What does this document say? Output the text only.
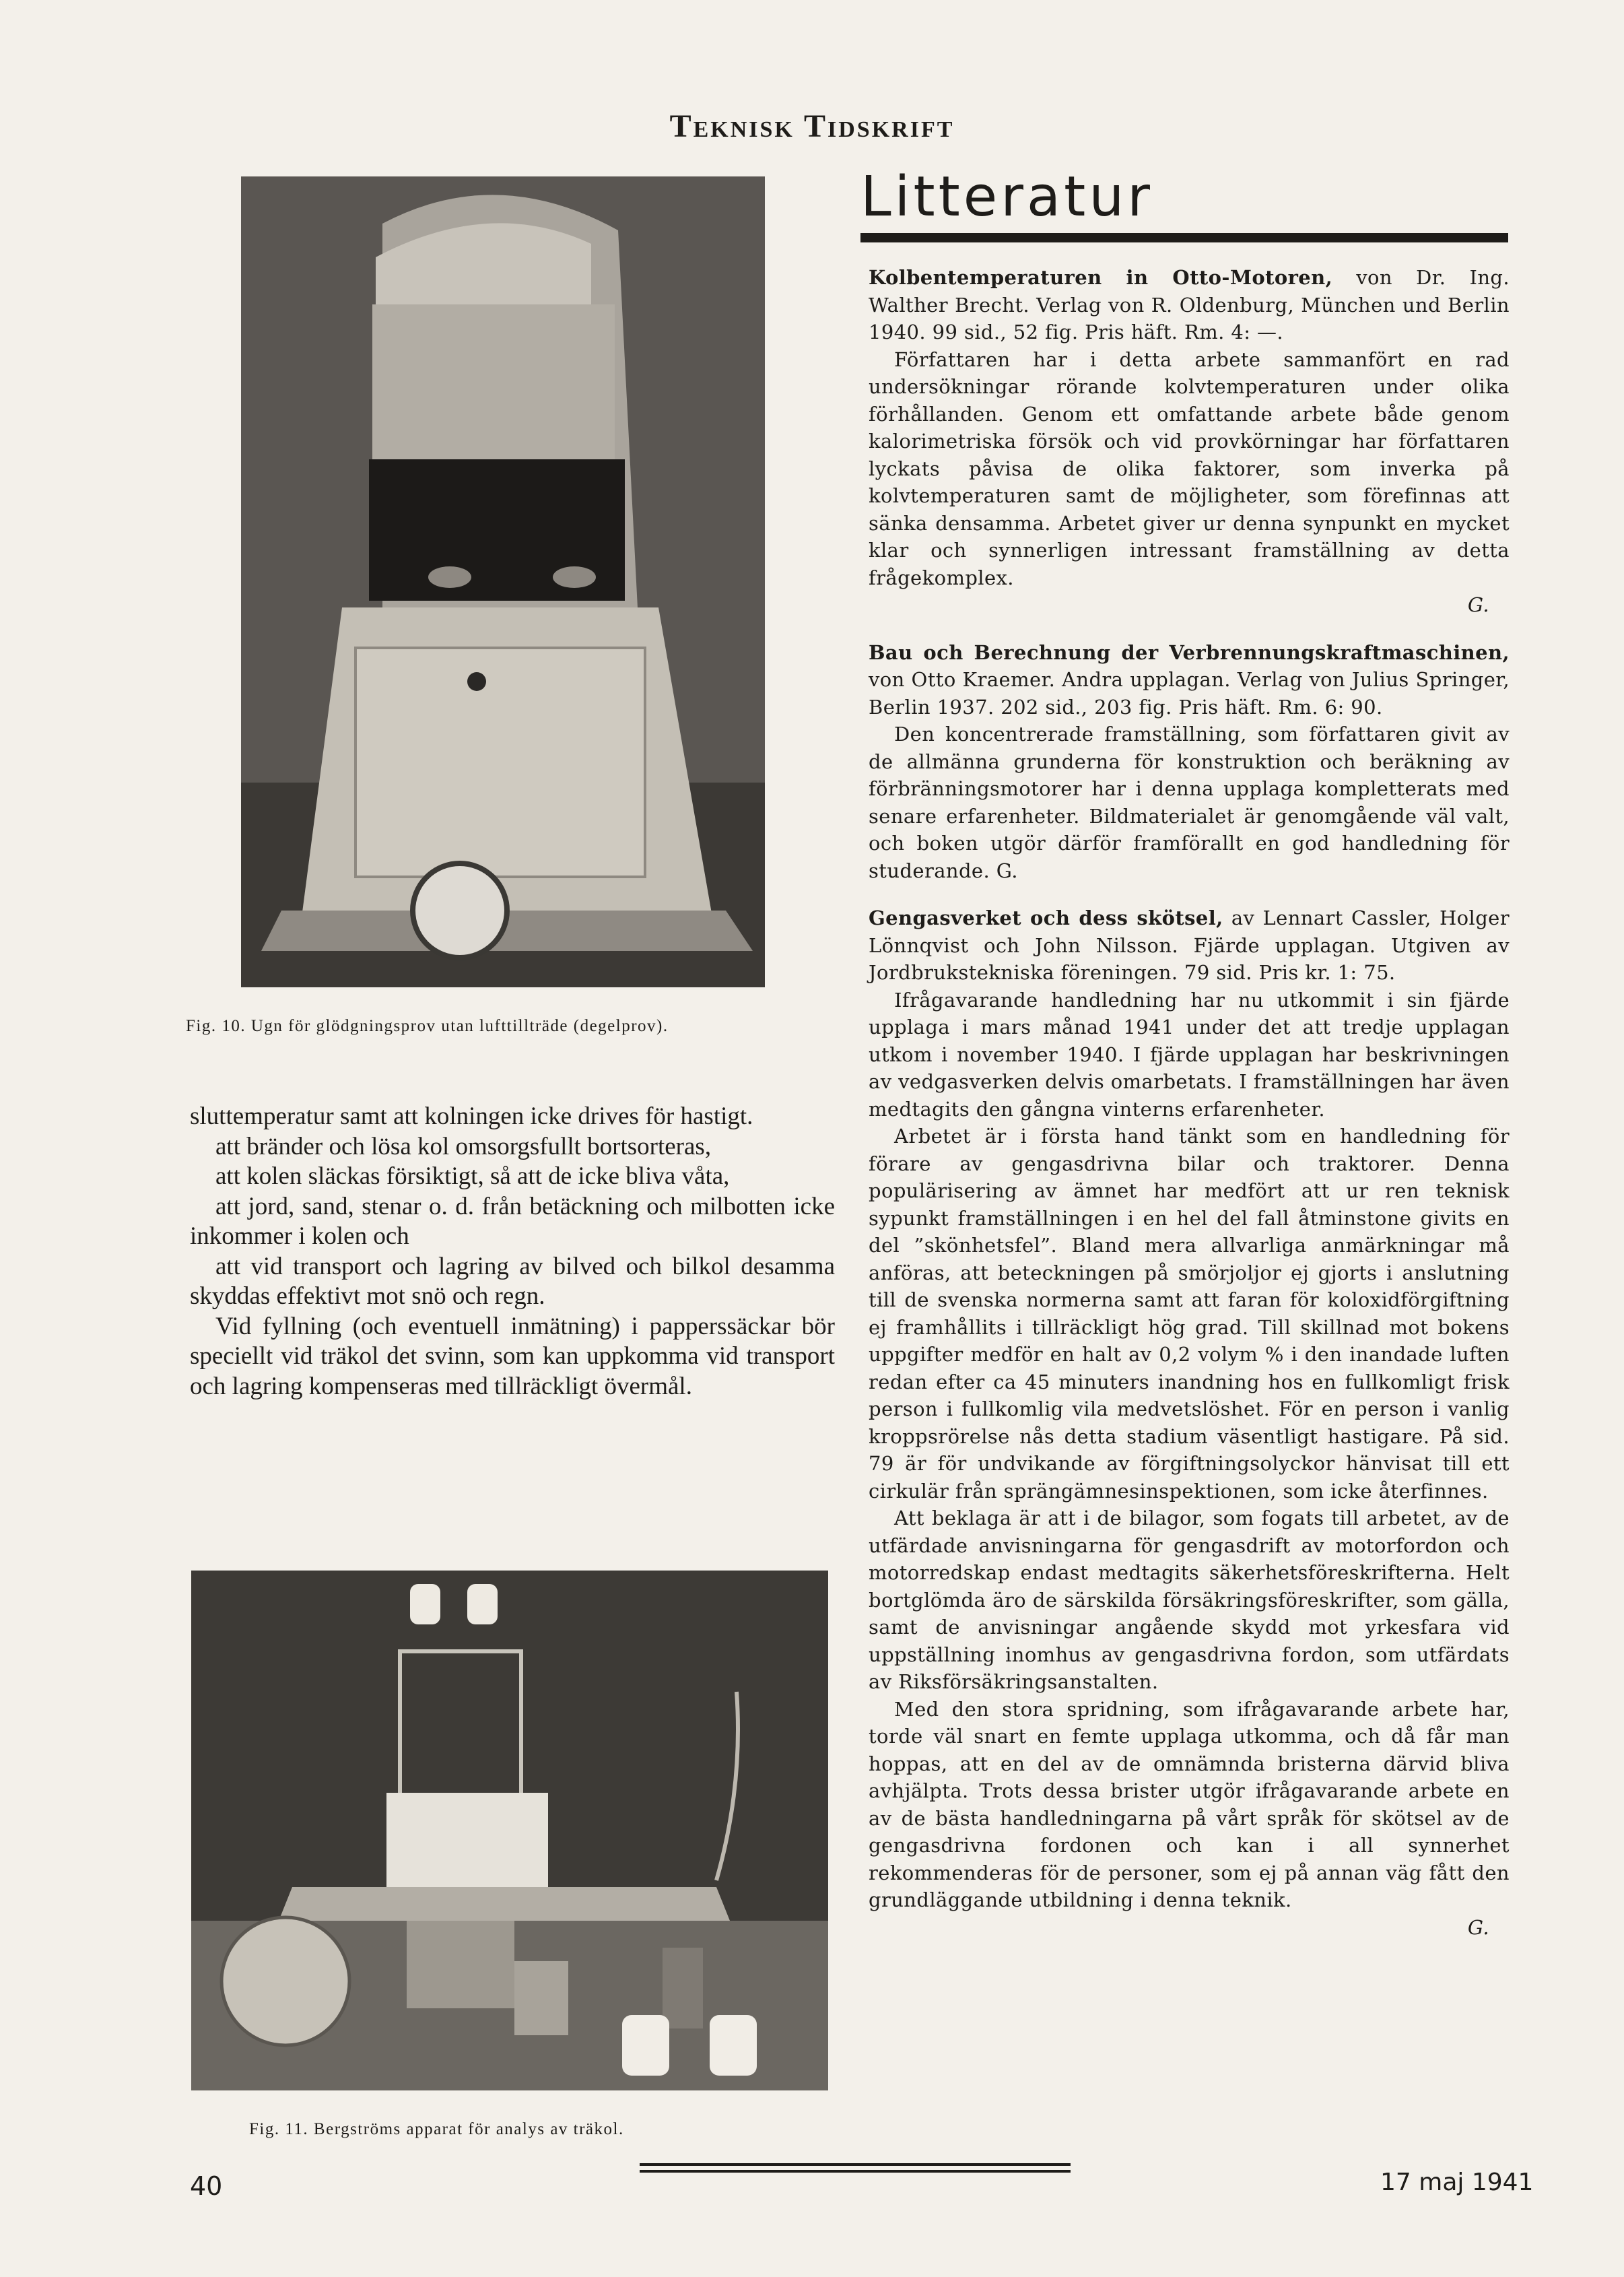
Teknisk Tidskrift
Litteratur
Fig. 10. Ugn för glödgningsprov utan lufttillträde (degelprov).

sluttemperatur samt att kolningen icke drives för hastigt.

att bränder och lösa kol omsorgsfullt bortsorteras,

att kolen släckas försiktigt, så att de icke bliva våta,

att jord, sand, stenar o. d. från betäckning och milbotten icke inkommer i kolen och

att vid transport och lagring av bilved och bilkol desamma skyddas effektivt mot snö och regn.

Vid fyllning (och eventuell inmätning) i papperssäckar bör speciellt vid träkol det svinn, som kan uppkomma vid transport och lagring kompenseras med tillräckligt övermål.

Fig. 11. Bergströms apparat för analys av träkol.

Kolbentemperaturen in Otto-Motoren, von Dr. Ing. Walther Brecht. Verlag von R. Oldenburg, München und Berlin 1940. 99 sid., 52 fig. Pris häft. Rm. 4: —.

Författaren har i detta arbete sammanfört en rad undersökningar rörande kolvtemperaturen under olika förhållanden. Genom ett omfattande arbete både genom kalorimetriska försök och vid provkörningar har författaren lyckats påvisa de olika faktorer, som inverka på kolvtemperaturen samt de möjligheter, som förefinnas att sänka densamma. Arbetet giver ur denna synpunkt en mycket klar och synnerligen intressant framställning av detta frågekomplex.

G.

Bau och Berechnung der Verbrennungskraftmaschinen, von Otto Kraemer. Andra upplagan. Verlag von Julius Springer, Berlin 1937. 202 sid., 203 fig. Pris häft. Rm. 6: 90.

Den koncentrerade framställning, som författaren givit av de allmänna grunderna för konstruktion och beräkning av förbränningsmotorer har i denna upplaga kompletterats med senare erfarenheter. Bildmaterialet är genomgående väl valt, och boken utgör därför framförallt en god handledning för studerande. G.

Gengasverket och dess skötsel, av Lennart Cassler, Holger Lönnqvist och John Nilsson. Fjärde upplagan. Utgiven av Jordbrukstekniska föreningen. 79 sid. Pris kr. 1: 75.

Ifrågavarande handledning har nu utkommit i sin fjärde upplaga i mars månad 1941 under det att tredje upplagan utkom i november 1940. I fjärde upplagan har beskrivningen av vedgasverken delvis omarbetats. I framställningen har även medtagits den gångna vinterns erfarenheter.

Arbetet är i första hand tänkt som en handledning för förare av gengasdrivna bilar och traktorer. Denna populärisering av ämnet har medfört att ur ren teknisk sypunkt framställningen i en hel del fall åtminstone givits en del ”skönhetsfel”. Bland mera allvarliga anmärkningar må anföras, att beteckningen på smörjoljor ej gjorts i anslutning till de svenska normerna samt att faran för koloxidförgiftning ej framhållits i tillräckligt hög grad. Till skillnad mot bokens uppgifter medför en halt av 0,2 volym % i den inandade luften redan efter ca 45 minuters inandning hos en fullkomligt frisk person i fullkomlig vila medvetslöshet. För en person i vanlig kroppsrörelse nås detta stadium väsentligt hastigare. På sid. 79 är för undvikande av förgiftningsolyckor hänvisat till ett cirkulär från sprängämnesinspektionen, som icke återfinnes.

Att beklaga är att i de bilagor, som fogats till arbetet, av de utfärdade anvisningarna för gengasdrift av motorfordon och motorredskap endast medtagits säkerhetsföreskrifterna. Helt bortglömda äro de särskilda försäkringsföreskrifter, som gälla, samt de anvisningar angående skydd mot yrkesfara vid uppställning inomhus av gengasdrivna fordon, som utfärdats av Riksförsäkringsanstalten.

Med den stora spridning, som ifrågavarande arbete har, torde väl snart en femte upplaga utkomma, och då får man hoppas, att en del av de omnämnda bristerna därvid bliva avhjälpta. Trots dessa brister utgör ifrågavarande arbete en av de bästa handledningarna på vårt språk för skötsel av de gengasdrivna fordonen och kan i all synnerhet rekommenderas för de personer, som ej på annan väg fått den grundläggande utbildning i denna teknik.

G.

40	17 maj 1941
